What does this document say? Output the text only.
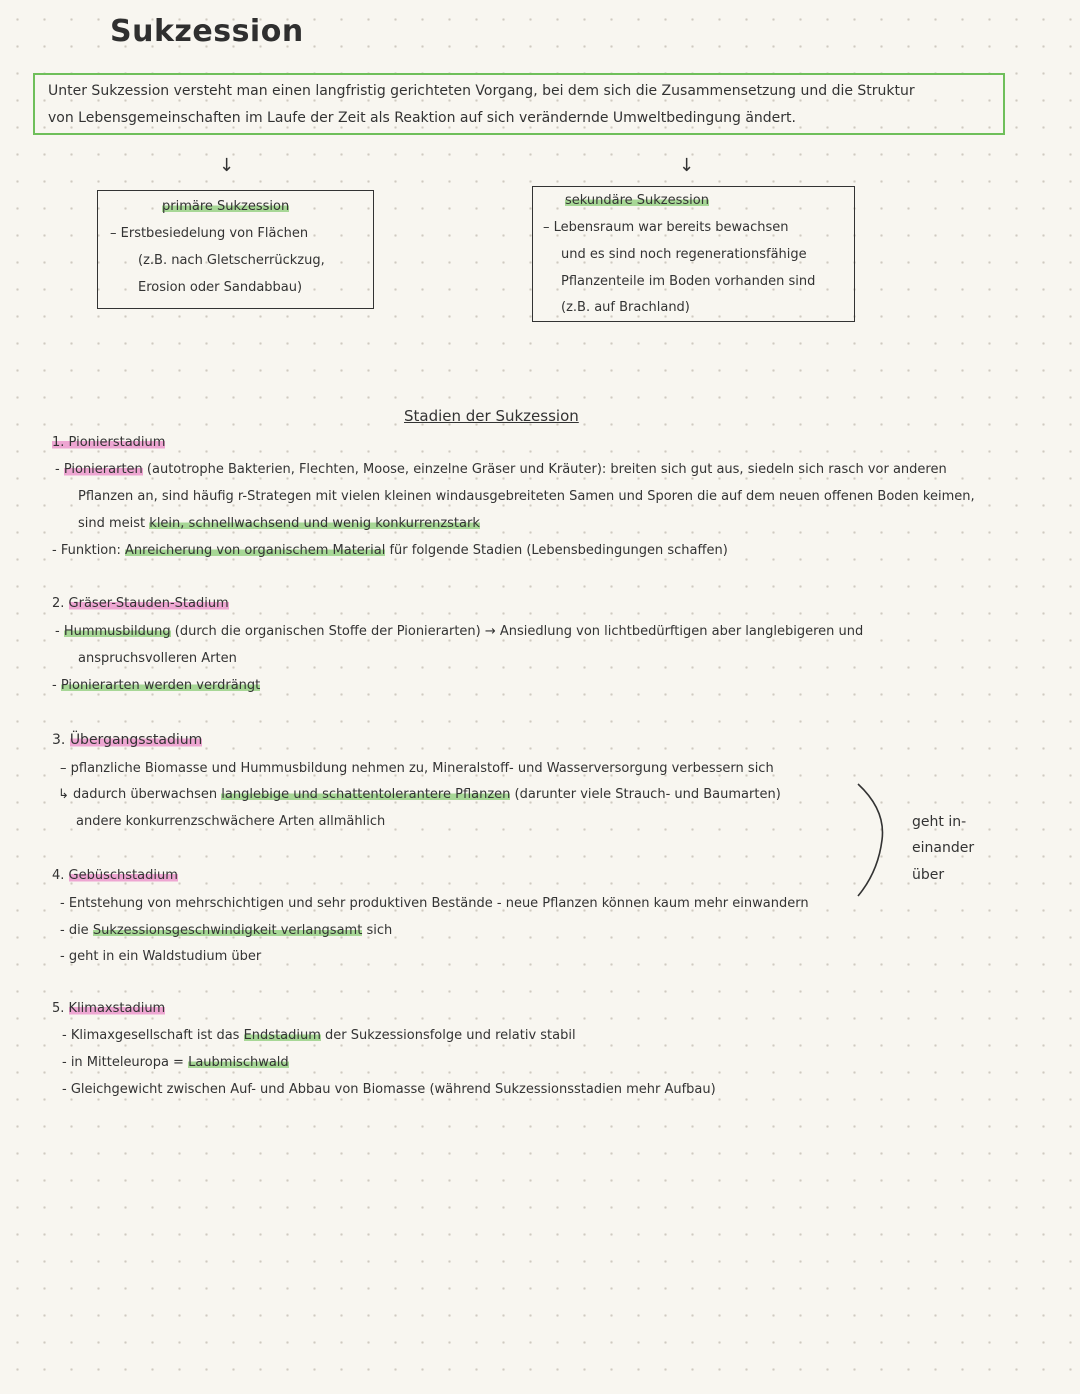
Sukzession
Unter Sukzession versteht man einen langfristig gerichteten Vorgang, bei dem sich die Zusammensetzung und die Struktur
von Lebensgemeinschaften im Laufe der Zeit als Reaktion auf sich verändernde Umweltbedingung ändert.
↓	↓
primäre Sukzession
– Erstbesiedelung von Flächen
(z.B. nach Gletscherrückzug,
Erosion oder Sandabbau)
sekundäre Sukzession
– Lebensraum war bereits bewachsen
und es sind noch regenerationsfähige
Pflanzenteile im Boden vorhanden sind
(z.B. auf Brachland)
Stadien der Sukzession
1. Pionierstadium
- Pionierarten (autotrophe Bakterien, Flechten, Moose, einzelne Gräser und Kräuter): breiten sich gut aus, siedeln sich rasch vor anderen
Pflanzen an, sind häufig r-Strategen mit vielen kleinen windausgebreiteten Samen und Sporen die auf dem neuen offenen Boden keimen,
sind meist klein, schnellwachsend und wenig konkurrenzstark
- Funktion: Anreicherung von organischem Material für folgende Stadien (Lebensbedingungen schaffen)
2. Gräser-Stauden-Stadium
- Hummusbildung (durch die organischen Stoffe der Pionierarten) → Ansiedlung von lichtbedürftigen aber langlebigeren und
anspruchsvolleren Arten
- Pionierarten werden verdrängt
3. Übergangsstadium
– pflanzliche Biomasse und Hummusbildung nehmen zu, Mineralstoff- und Wasserversorgung verbessern sich
↳ dadurch überwachsen langlebige und schattentolerantere Pflanzen (darunter viele Strauch- und Baumarten)
andere konkurrenzschwächere Arten allmählich
4. Gebüschstadium
- Entstehung von mehrschichtigen und sehr produktiven Bestände - neue Pflanzen können kaum mehr einwandern
- die Sukzessionsgeschwindigkeit verlangsamt sich
- geht in ein Waldstudium über
geht in-
einander
über
5. Klimaxstadium
- Klimaxgesellschaft ist das Endstadium der Sukzessionsfolge und relativ stabil
- in Mitteleuropa = Laubmischwald
- Gleichgewicht zwischen Auf- und Abbau von Biomasse (während Sukzessionsstadien mehr Aufbau)
